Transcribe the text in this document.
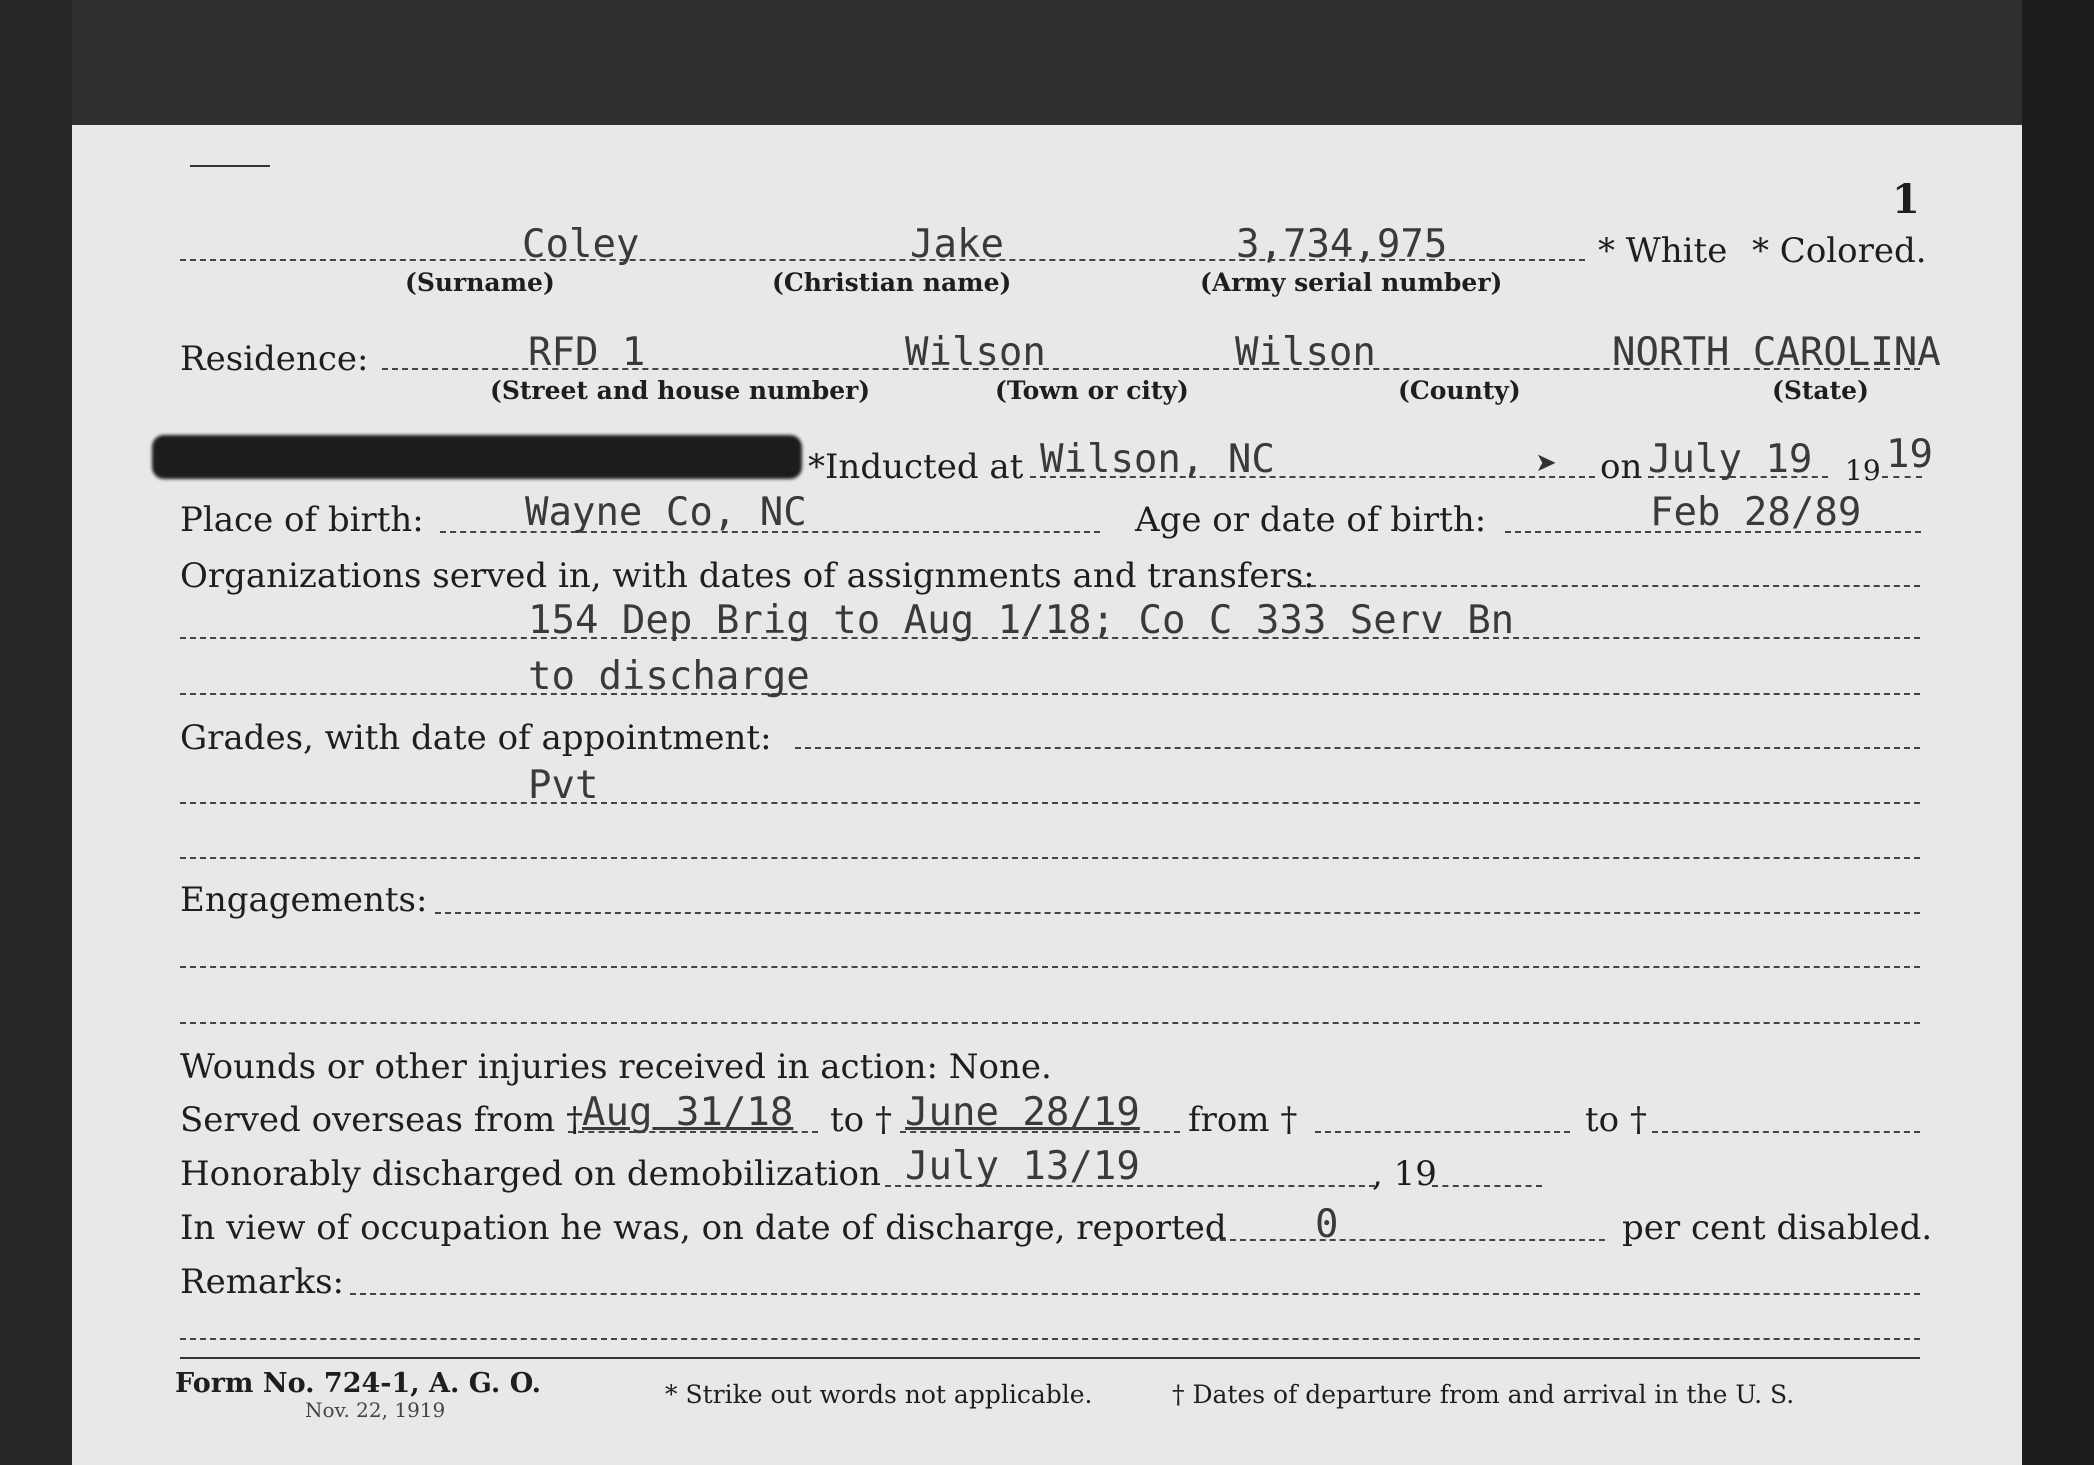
1
Coley	Jake	3,734,975	* White * Colored.
(Surname)	(Christian name)	(Army serial number)
Residence:	RFD 1	Wilson	Wilson	NORTH CAROLINA
(Street and house number)	(Town or city)	(County)	(State)
*Inducted at Wilson, NC	➤ on July 19 19 19
Place of birth:	Wayne Co, NC	Age or date of birth:	Feb 28/89
Organizations served in, with dates of assignments and transfers:
154 Dep Brig to Aug 1/18; Co C 333 Serv Bn
to discharge
Grades, with date of appointment:
Pvt
Engagements:
Wounds or other injuries received in action: None.
Served overseas from †
Aug 31/18 to † June 28/19 from †	to †
Honorably discharged on demobilization July 13/19	, 19
In view of occupation he was, on date of discharge, reported 0	per cent disabled.
Remarks:
Form No. 724-1, A. G. O.
Nov. 22, 1919
* Strike out words not applicable.	† Dates of departure from and arrival in the U. S.
